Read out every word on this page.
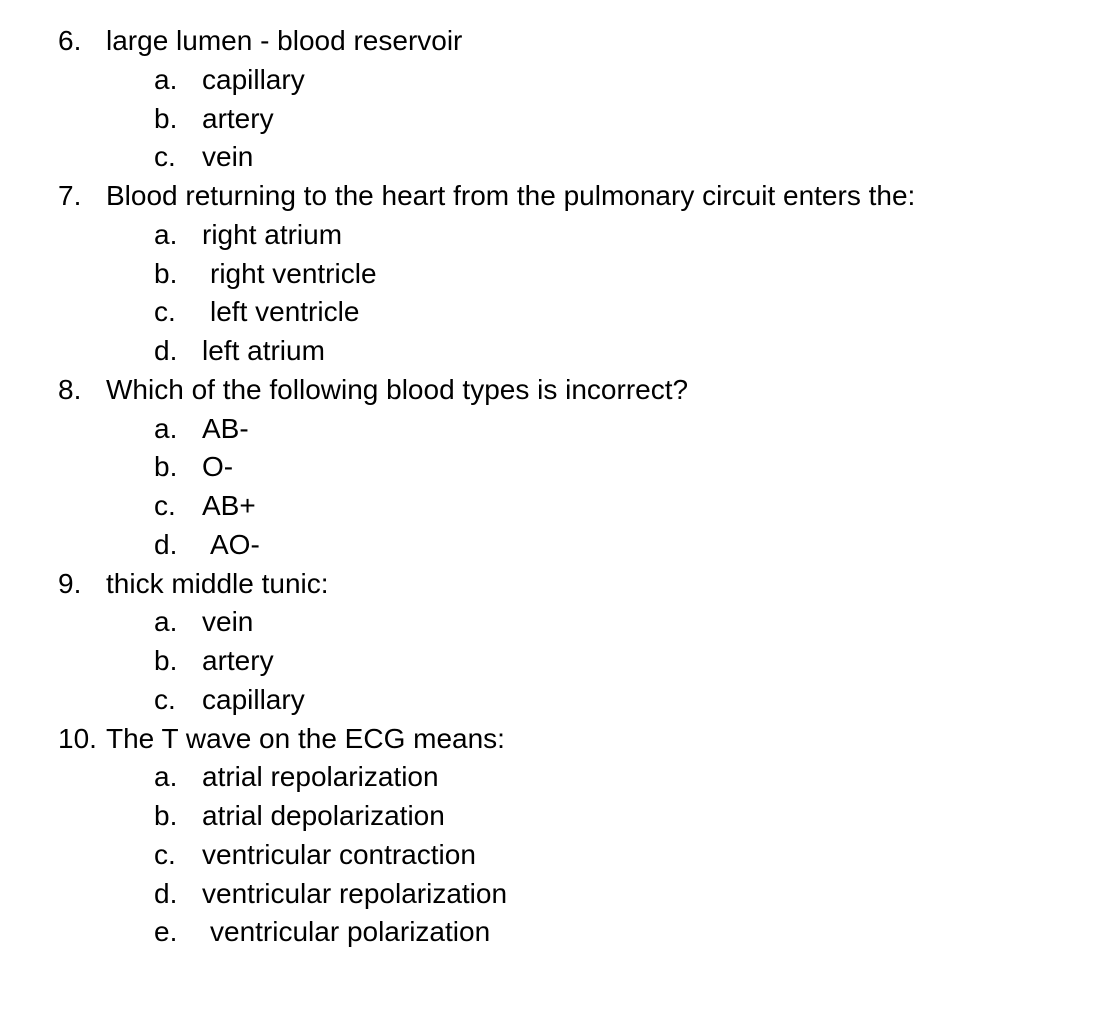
6. large lumen - blood reservoir
a. capillary
b. artery
c. vein
7. Blood returning to the heart from the pulmonary circuit enters the:
a. right atrium
b. right ventricle
c. left ventricle
d. left atrium
8. Which of the following blood types is incorrect?
a. AB-
b. O-
c. AB+
d. AO-
9. thick middle tunic:
a. vein
b. artery
c. capillary
10. The T wave on the ECG means:
a. atrial repolarization
b. atrial depolarization
c. ventricular contraction
d. ventricular repolarization
e. ventricular polarization
